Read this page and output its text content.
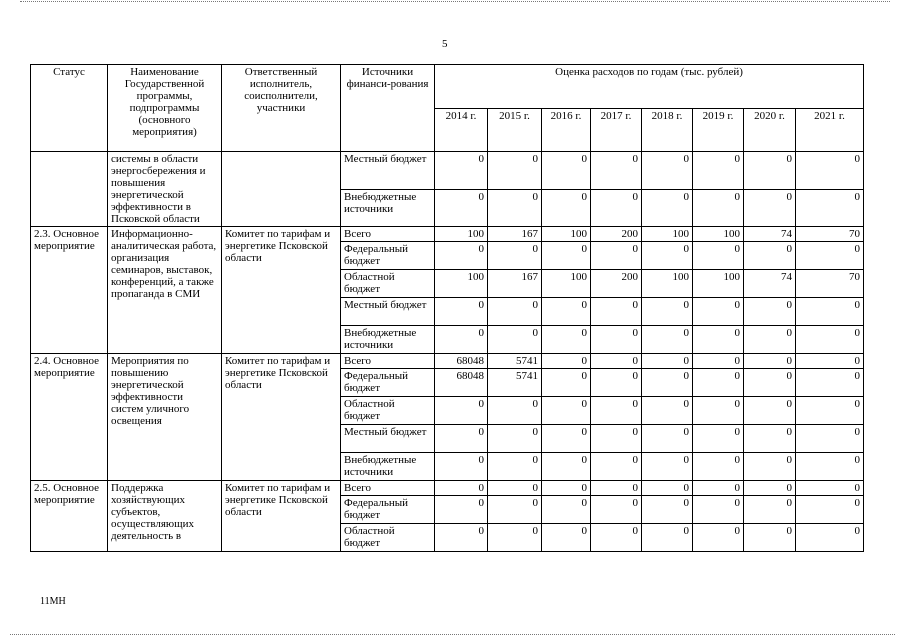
5
Статус	Наименование Государственной программы, подпрограммы (основного мероприятия)	Ответственный исполнитель, соисполнители, участники	Источники финанси-рования	Оценка расходов по годам (тыс. рублей)							
				2014 г.	2015 г.	2016 г.	2017 г.	2018 г.	2019 г.	2020 г.	2021 г.
	системы в области энергосбережения и повышения энергетической эффективности в Псковской области		Местный бюджет	0	0	0	0	0	0	0	0
			Внебюджетные источники	0	0	0	0	0	0	0	0
2.3. Основное мероприятие	Информационно-аналитическая работа, организация семинаров, выставок, конференций, а также пропаганда в СМИ	Комитет по тарифам и энергетике Псковской области	Всего	100	167	100	200	100	100	74	70
			Федеральный бюджет	0	0	0	0	0	0	0	0
			Областной бюджет	100	167	100	200	100	100	74	70
			Местный бюджет	0	0	0	0	0	0	0	0
			Внебюджетные источники	0	0	0	0	0	0	0	0
2.4. Основное мероприятие	Мероприятия по повышению энергетической эффективности систем уличного освещения	Комитет по тарифам и энергетике Псковской области	Всего	68048	5741	0	0	0	0	0	0
			Федеральный бюджет	68048	5741	0	0	0	0	0	0
			Областной бюджет	0	0	0	0	0	0	0	0
			Местный бюджет	0	0	0	0	0	0	0	0
			Внебюджетные источники	0	0	0	0	0	0	0	0
2.5. Основное мероприятие	Поддержка хозяйствующих субъектов, осуществляющих деятельность в	Комитет по тарифам и энергетике Псковской области	Всего	0	0	0	0	0	0	0	0
			Федеральный бюджет	0	0	0	0	0	0	0	0
			Областной бюджет	0	0	0	0	0	0	0	0
11МН
